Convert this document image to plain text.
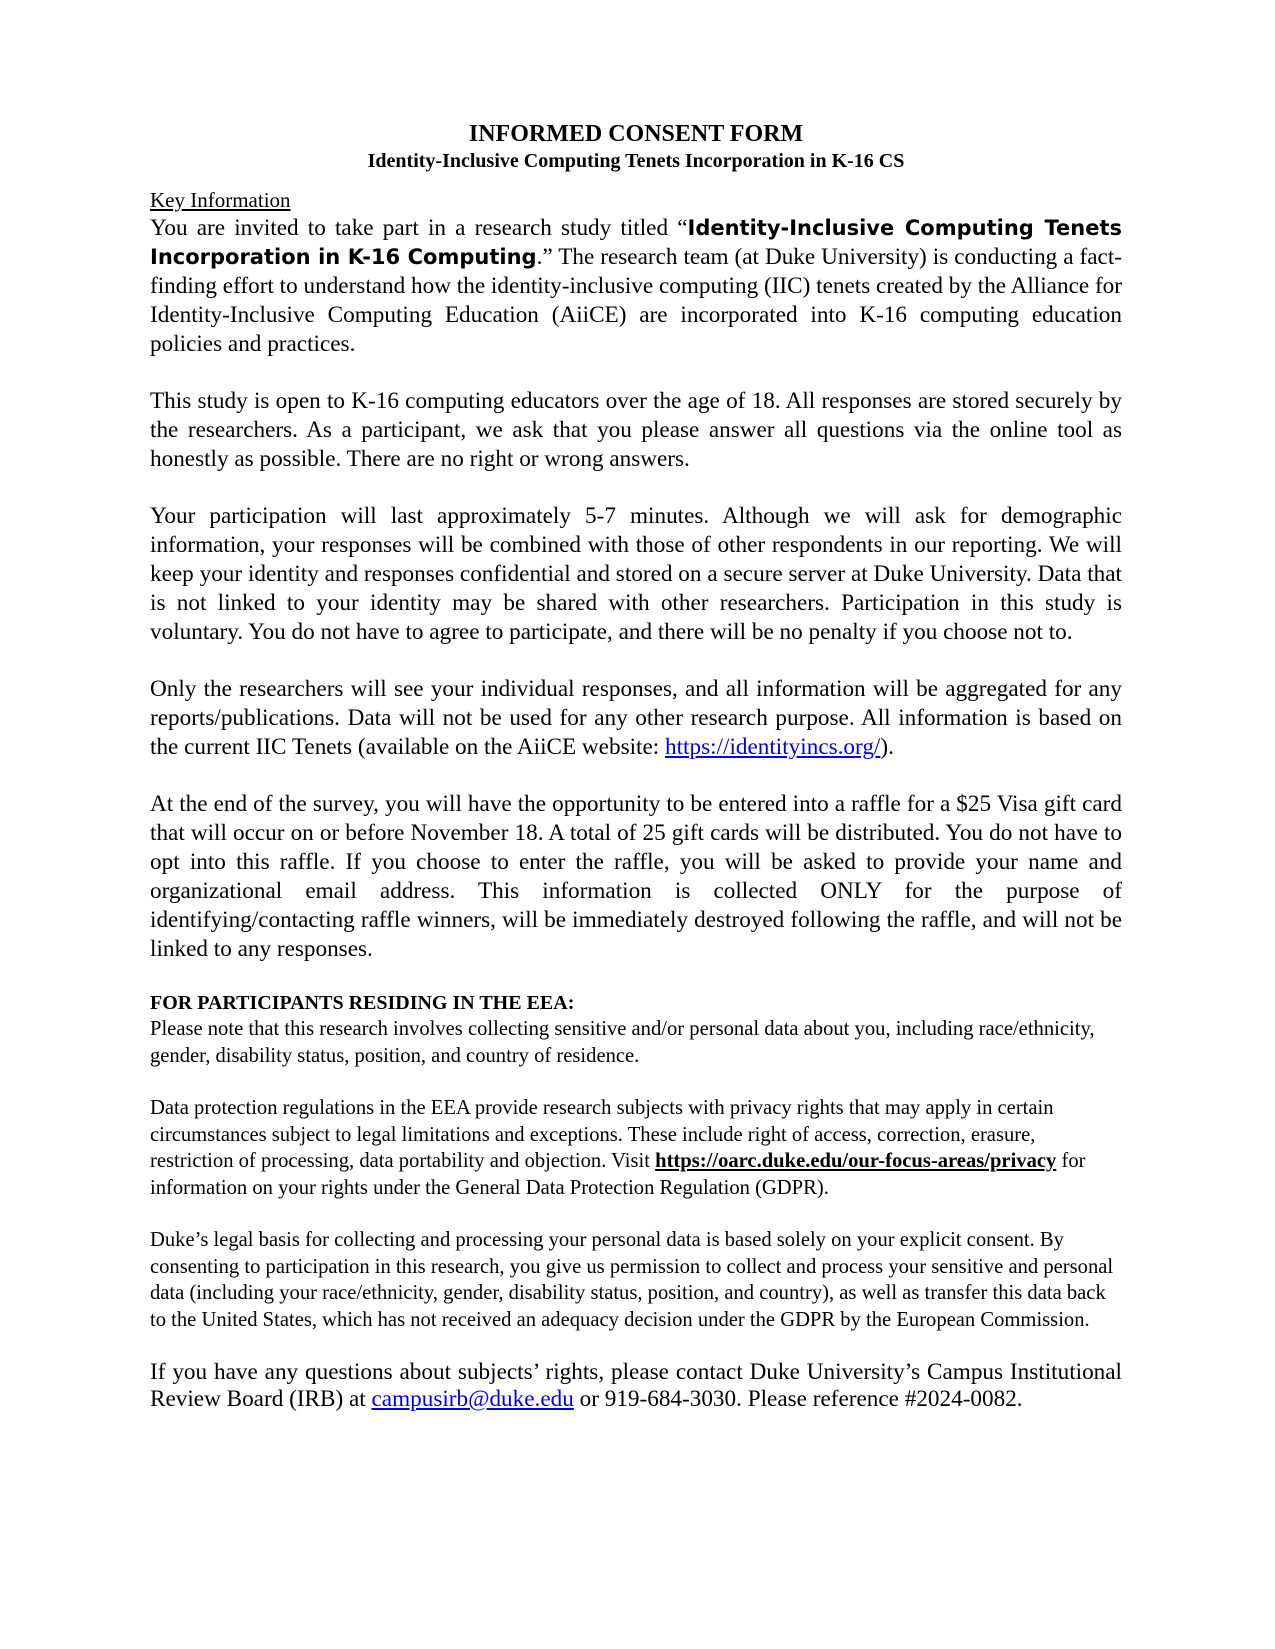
INFORMED CONSENT FORM
Identity-Inclusive Computing Tenets Incorporation in K-16 CS

Key Information

You are invited to take part in a research study titled “Identity-Inclusive Computing Tenets Incorporation in K-16 Computing.” The research team (at Duke University) is conducting a fact-finding effort to understand how the identity-inclusive computing (IIC) tenets created by the Alliance for Identity-Inclusive Computing Education (AiiCE) are incorporated into K-16 computing education policies and practices.

This study is open to K-16 computing educators over the age of 18. All responses are stored securely by the researchers. As a participant, we ask that you please answer all questions via the online tool as honestly as possible. There are no right or wrong answers.

Your participation will last approximately 5-7 minutes. Although we will ask for demographic information, your responses will be combined with those of other respondents in our reporting. We will keep your identity and responses confidential and stored on a secure server at Duke University. Data that is not linked to your identity may be shared with other researchers. Participation in this study is voluntary. You do not have to agree to participate, and there will be no penalty if you choose not to.

Only the researchers will see your individual responses, and all information will be aggregated for any reports/publications. Data will not be used for any other research purpose. All information is based on the current IIC Tenets (available on the AiiCE website: https://identityincs.org/).

At the end of the survey, you will have the opportunity to be entered into a raffle for a $25 Visa gift card that will occur on or before November 18. A total of 25 gift cards will be distributed. You do not have to opt into this raffle. If you choose to enter the raffle, you will be asked to provide your name and organizational email address. This information is collected ONLY for the purpose of identifying/contacting raffle winners, will be immediately destroyed following the raffle, and will not be linked to any responses.

FOR PARTICIPANTS RESIDING IN THE EEA:

Please note that this research involves collecting sensitive and/or personal data about you, including race/ethnicity, gender, disability status, position, and country of residence.

Data protection regulations in the EEA provide research subjects with privacy rights that may apply in certain circumstances subject to legal limitations and exceptions. These include right of access, correction, erasure, restriction of processing, data portability and objection. Visit https://oarc.duke.edu/our-focus-areas/privacy for information on your rights under the General Data Protection Regulation (GDPR).

Duke’s legal basis for collecting and processing your personal data is based solely on your explicit consent. By consenting to participation in this research, you give us permission to collect and process your sensitive and personal data (including your race/ethnicity, gender, disability status, position, and country), as well as transfer this data back to the United States, which has not received an adequacy decision under the GDPR by the European Commission.

If you have any questions about subjects’ rights, please contact Duke University’s Campus Institutional Review Board (IRB) at campusirb@duke.edu or 919-684-3030. Please reference #2024-0082.
